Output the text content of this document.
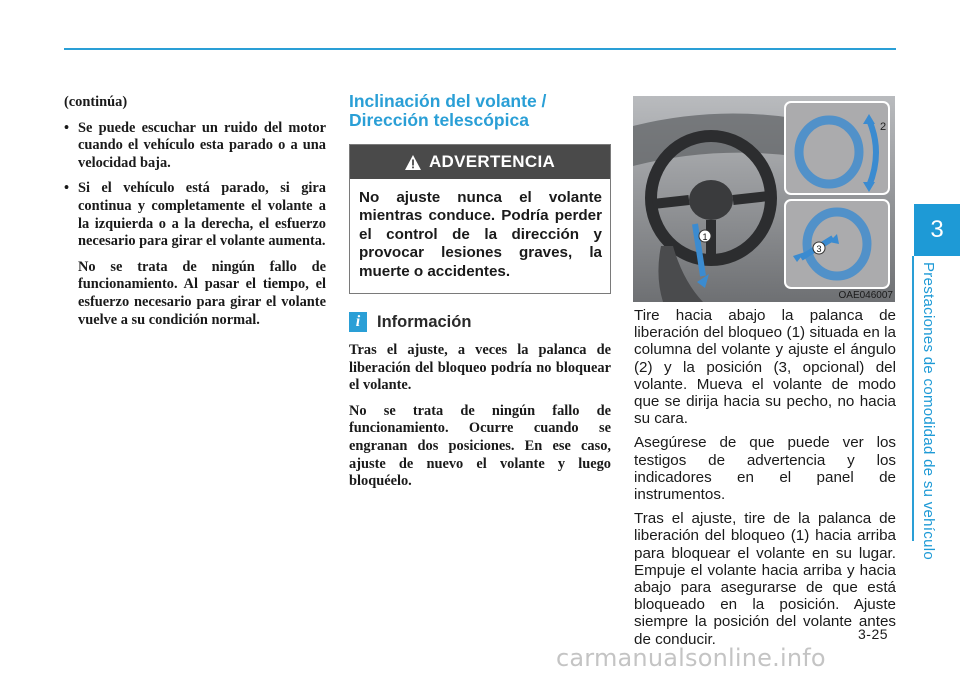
3
Prestaciones de comodidad de su vehículo

(continúa)

• Se puede escuchar un ruido del motor cuando el vehículo esta parado o a una velocidad baja.
• Si el vehículo está parado, si gira continua y completamente el volante a la izquierda o a la derecha, el esfuerzo necesario para girar el volante aumenta.

No se trata de ningún fallo de funcionamiento. Al pasar el tiempo, el esfuerzo necesario para girar el volante vuelve a su condición normal.

Inclinación del volante /
Dirección telescópica
ADVERTENCIA
No ajuste nunca el volante mientras conduce. Podría perder el control de la dirección y provocar lesiones graves, la muerte o accidentes.
i	Información

Tras el ajuste, a veces la palanca de liberación del bloqueo podría no bloquear el volante.

No se trata de ningún fallo de funcionamiento. Ocurre cuando se engranan dos posiciones. En ese caso, ajuste de nuevo el volante y luego bloquéelo.

1
2
3
OAE046007

Tire hacia abajo la palanca de liberación del bloqueo (1) situada en la columna del volante y ajuste el ángulo (2) y la posición (3, opcional) del volante. Mueva el volante de modo que se dirija hacia su pecho, no hacia su cara.

Asegúrese de que puede ver los testigos de advertencia y los indicadores en el panel de instrumentos.

Tras el ajuste, tire de la palanca de liberación del bloqueo (1) hacia arriba para bloquear el volante en su lugar. Empuje el volante hacia arriba y hacia abajo para asegurarse de que está bloqueado en la posición. Ajuste siempre la posición del volante antes de conducir.	3-25
carmanualsonline.info
